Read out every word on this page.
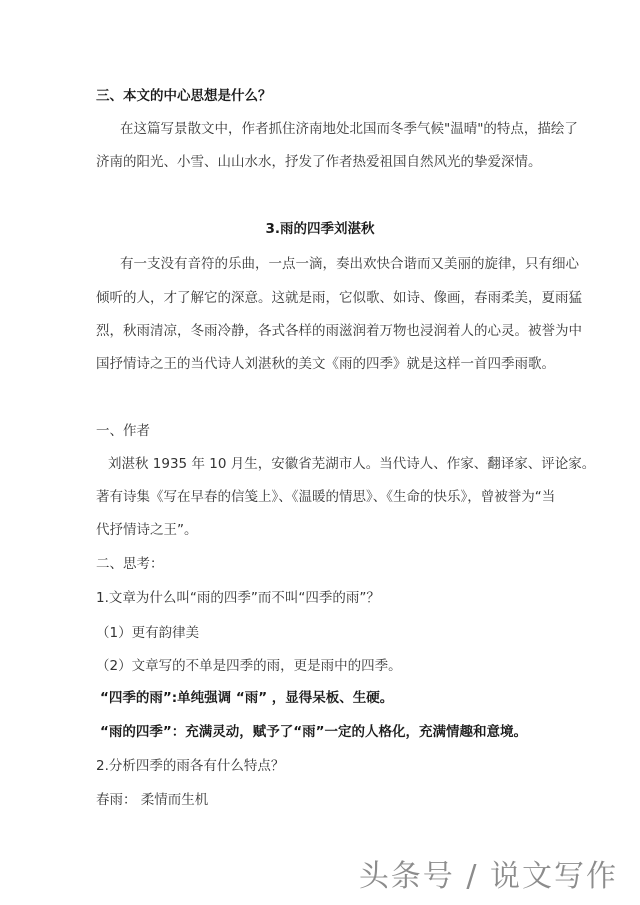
三、本文的中心思想是什么？
在这篇写景散文中，作者抓住济南地处北国而冬季气候"温晴"的特点，描绘了
济南的阳光、小雪、山山水水，抒发了作者热爱祖国自然风光的挚爱深情。
3.雨的四季刘湛秋
有一支没有音符的乐曲，一点一滴，奏出欢快合谐而又美丽的旋律，只有细心
倾听的人，才了解它的深意。这就是雨，它似歌、如诗、像画，春雨柔美，夏雨猛
烈，秋雨清凉，冬雨冷静，各式各样的雨滋润着万物也浸润着人的心灵。被誉为中
国抒情诗之王的当代诗人刘湛秋的美文《雨的四季》就是这样一首四季雨歌。
一、作者
刘湛秋 1935 年 10 月生，安徽省芜湖市人。当代诗人、作家、翻译家、评论家。
著有诗集《写在早春的信笺上》、《温暖的情思》、《生命的快乐》，曾被誉为“当
代抒情诗之王”。
二、思考：
1.文章为什么叫“雨的四季”而不叫“四季的雨”？
（1）更有韵律美
（2）文章写的不单是四季的雨，更是雨中的四季。
“四季的雨”:单纯强调 “雨” ，显得呆板、生硬。
“雨的四季”：充满灵动，赋予了“雨”一定的人格化，充满情趣和意境。
2.分析四季的雨各有什么特点？
春雨： 柔情而生机
头条号 / 说文写作
